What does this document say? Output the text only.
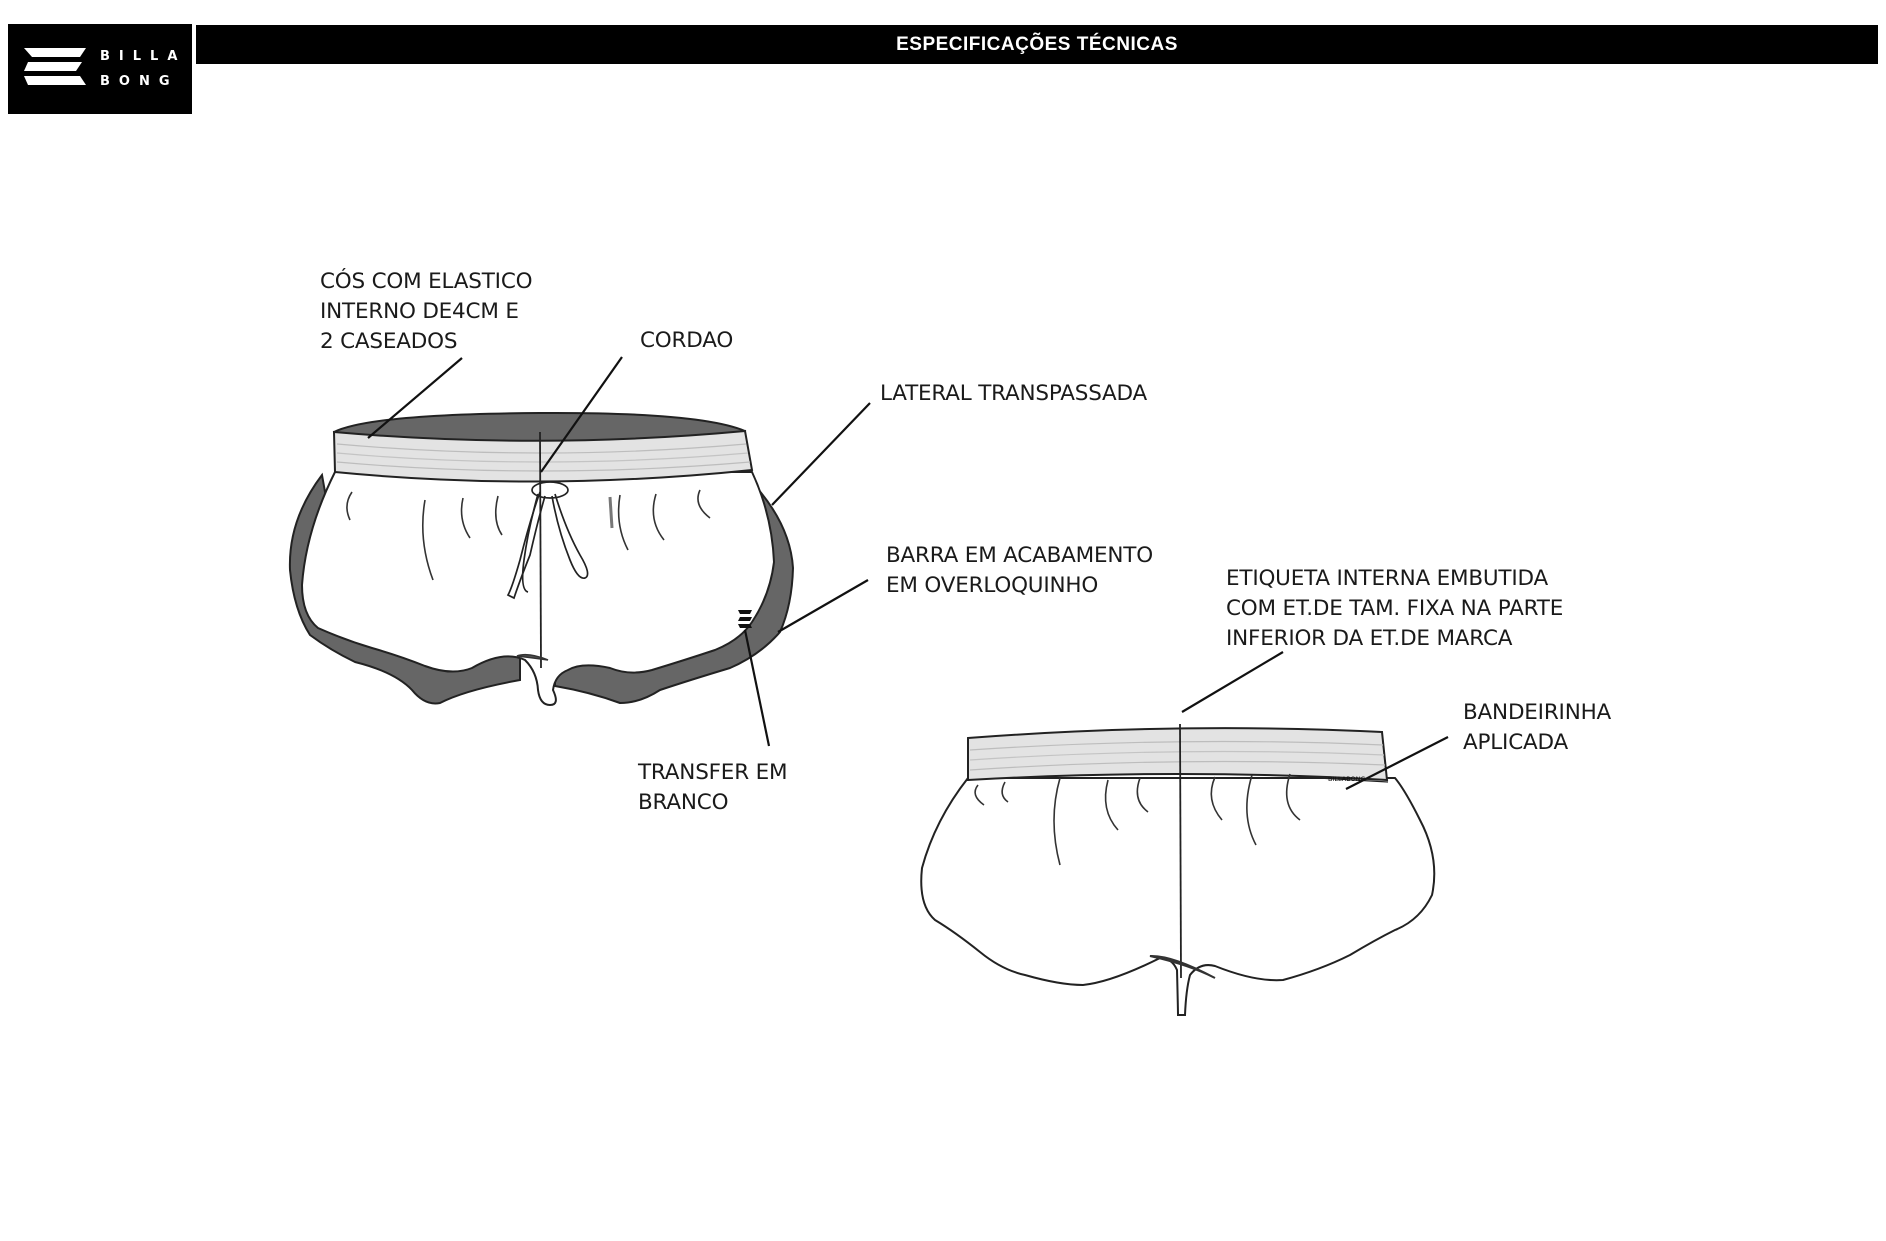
BILLA
BONG
ESPECIFICAÇÕES TÉCNICAS
BILLABONG
CÓS COM ELASTICO
INTERNO DE4CM E
2 CASEADOS	CORDAO
LATERAL TRANSPASSADA
BARRA EM ACABAMENTO
EM OVERLOQUINHO
TRANSFER EM
BRANCO
ETIQUETA INTERNA EMBUTIDA
COM ET.DE TAM. FIXA NA PARTE
INFERIOR DA ET.DE MARCA
BANDEIRINHA
APLICADA
